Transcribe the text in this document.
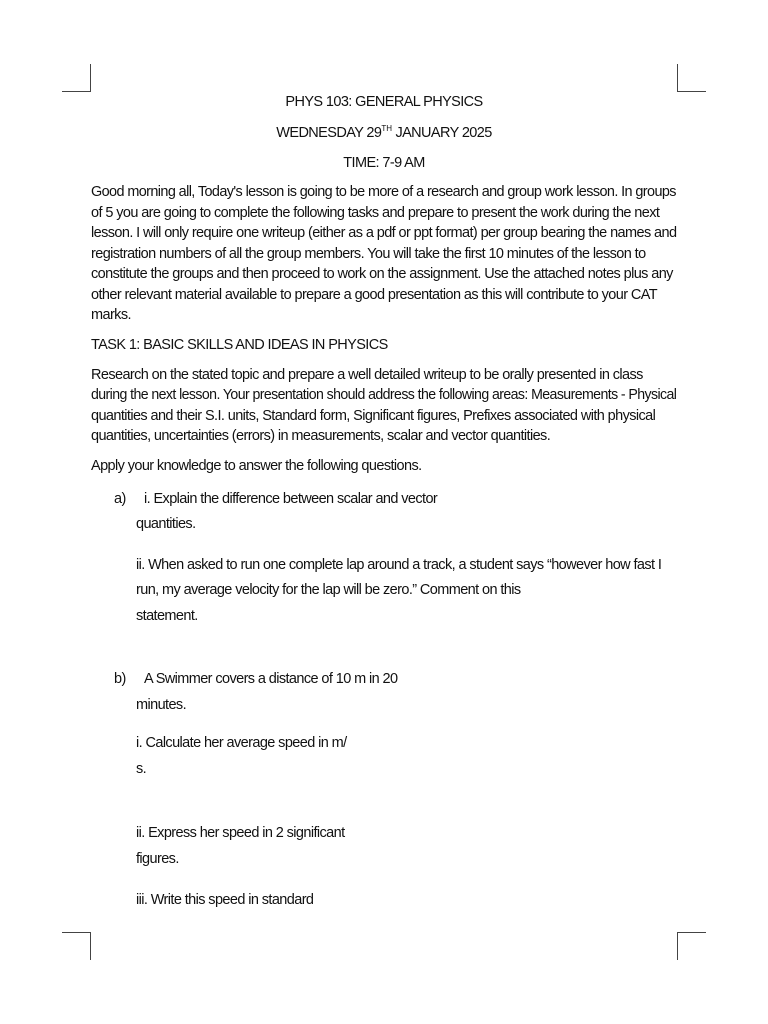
PHYS 103: GENERAL PHYSICS
WEDNESDAY 29TH JANUARY 2025
TIME: 7-9 AM
Good morning all, Today's lesson is going to be more of a research and group work lesson. In groups
of 5 you are going to complete the following tasks and prepare to present the work during the next
lesson. I will only require one writeup (either as a pdf or ppt format) per group bearing the names and
registration numbers of all the group members. You will take the first 10 minutes of the lesson to
constitute the groups and then proceed to work on the assignment. Use the attached notes plus any
other relevant material available to prepare a good presentation as this will contribute to your CAT
marks.
TASK 1: BASIC SKILLS AND IDEAS IN PHYSICS
Research on the stated topic and prepare a well detailed writeup to be orally presented in class
during the next lesson. Your presentation should address the following areas: Measurements - Physical
quantities and their S.I. units, Standard form, Significant figures, Prefixes associated with physical
quantities, uncertainties (errors) in measurements, scalar and vector quantities.
Apply your knowledge to answer the following questions.
a) i. Explain the difference between scalar and vector
quantities.
ii. When asked to run one complete lap around a track, a student says “however how fast I
run, my average velocity for the lap will be zero.” Comment on this
statement.
b) A Swimmer covers a distance of 10 m in 20
minutes.
i. Calculate her average speed in m/
s.
ii. Express her speed in 2 significant
figures.
iii. Write this speed in standard
